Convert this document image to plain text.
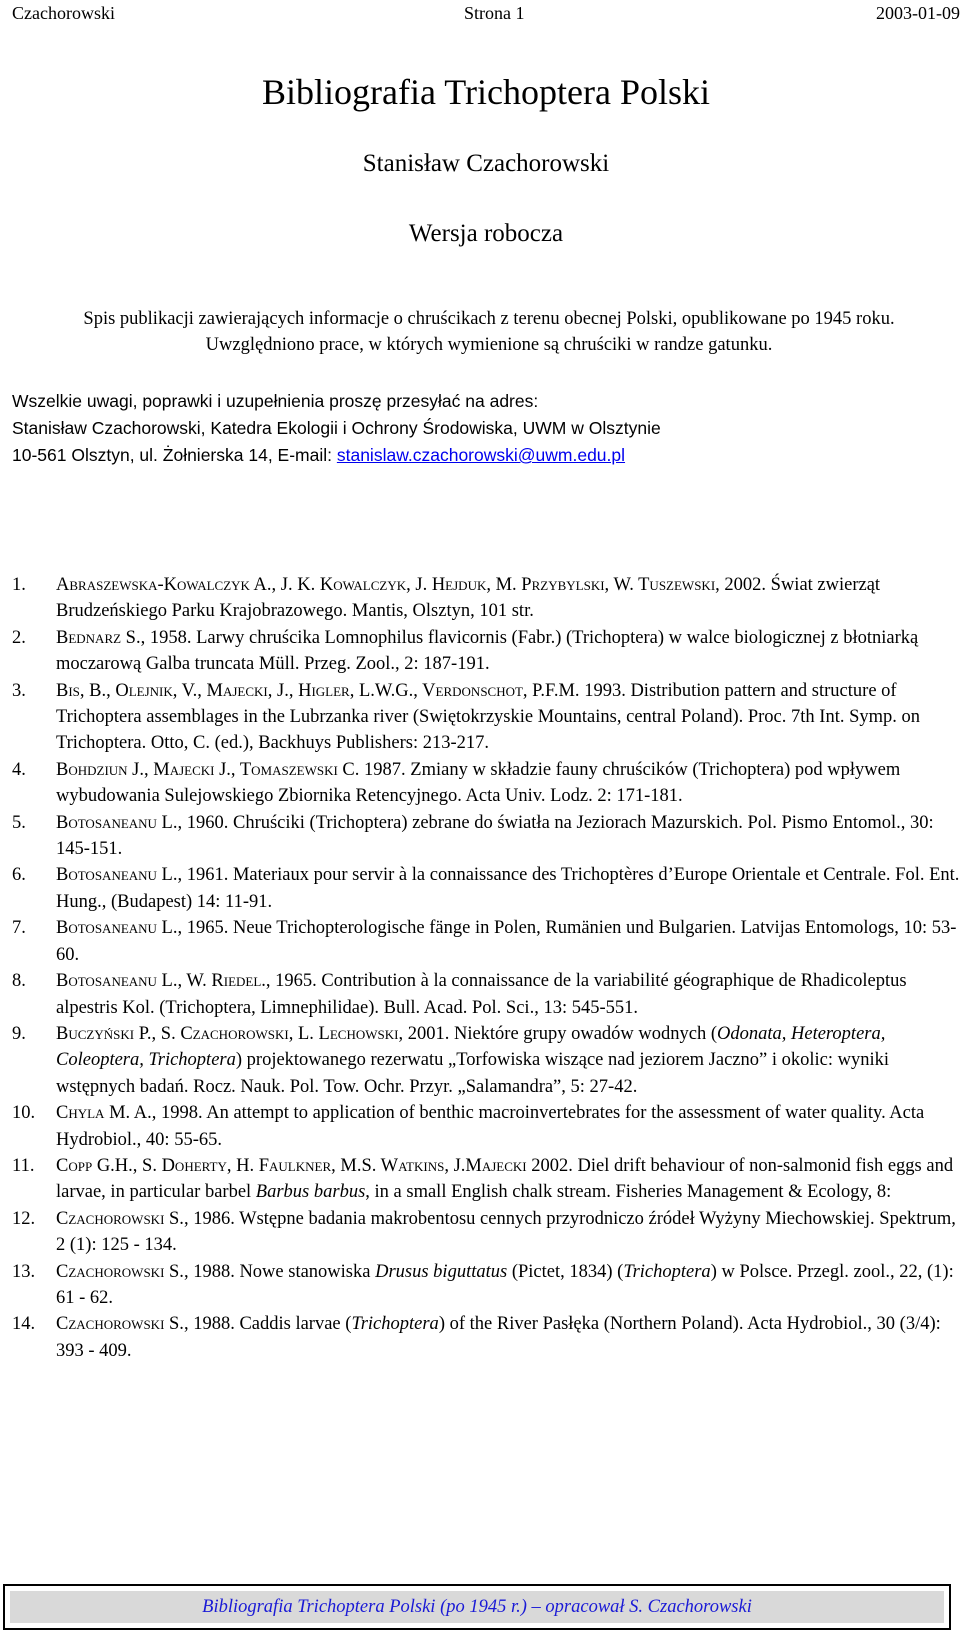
Czachorowski	Strona 1	2003-01-09
Bibliografia Trichoptera Polski
Stanisław Czachorowski
Wersja robocza
Spis publikacji zawierających informacje o chruścikach z terenu obecnej Polski, opublikowane po 1945 roku. Uwzględniono prace, w których wymienione są chruściki w randze gatunku.
Wszelkie uwagi, poprawki i uzupełnienia proszę przesyłać na adres:
Stanisław Czachorowski, Katedra Ekologii i Ochrony Środowiska, UWM w Olsztynie
10-561 Olsztyn, ul. Żołnierska 14, E-mail: stanislaw.czachorowski@uwm.edu.pl
1. Abraszewska-Kowalczyk A., J. K. Kowalczyk, J. Hejduk, M. Przybylski, W. Tuszewski, 2002. Świat zwierząt Brudzeńskiego Parku Krajobrazowego. Mantis, Olsztyn, 101 str.
2. Bednarz S., 1958. Larwy chruścika Lomnophilus flavicornis (Fabr.) (Trichoptera) w walce biologicznej z błotniarką moczarową Galba truncata Müll. Przeg. Zool., 2: 187-191.
3. Bis, B., Olejnik, V., Majecki, J., Higler, L.W.G., Verdonschot, P.F.M. 1993. Distribution pattern and structure of Trichoptera assemblages in the Lubrzanka river (Swiętokrzyskie Mountains, central Poland). Proc. 7th Int. Symp. on Trichoptera. Otto, C. (ed.), Backhuys Publishers: 213-217.
4. Bohdziun J., Majecki J., Tomaszewski C. 1987. Zmiany w składzie fauny chruścików (Trichoptera) pod wpływem wybudowania Sulejowskiego Zbiornika Retencyjnego. Acta Univ. Lodz. 2: 171-181.
5. Botosaneanu L., 1960. Chruściki (Trichoptera) zebrane do światła na Jeziorach Mazurskich. Pol. Pismo Entomol., 30: 145-151.
6. Botosaneanu L., 1961. Materiaux pour servir à la connaissance des Trichoptères d’Europe Orientale et Centrale. Fol. Ent. Hung., (Budapest) 14: 11-91.
7. Botosaneanu L., 1965. Neue Trichopterologische fänge in Polen, Rumänien und Bulgarien. Latvijas Entomologs, 10: 53-60.
8. Botosaneanu L., W. Riedel., 1965. Contribution à la connaissance de la variabilité géographique de Rhadicoleptus alpestris Kol. (Trichoptera, Limnephilidae). Bull. Acad. Pol. Sci., 13: 545-551.
9. Buczyński P., S. Czachorowski, L. Lechowski, 2001. Niektóre grupy owadów wodnych (Odonata, Heteroptera, Coleoptera, Trichoptera) projektowanego rezerwatu „Torfowiska wiszące nad jeziorem Jaczno” i okolic: wyniki wstępnych badań. Rocz. Nauk. Pol. Tow. Ochr. Przyr. „Salamandra”, 5: 27-42.
10. Chyla M. A., 1998. An attempt to application of benthic macroinvertebrates for the assessment of water quality. Acta Hydrobiol., 40: 55-65.
11. Copp G.H., S. Doherty, H. Faulkner, M.S. Watkins, J.Majecki 2002. Diel drift behaviour of non-salmonid fish eggs and larvae, in particular barbel Barbus barbus, in a small English chalk stream. Fisheries Management & Ecology, 8:
12. Czachorowski S., 1986. Wstępne badania makrobentosu cennych przyrodniczo źródeł Wyżyny Miechowskiej. Spektrum, 2 (1): 125 - 134.
13. Czachorowski S., 1988. Nowe stanowiska Drusus biguttatus (Pictet, 1834) (Trichoptera) w Polsce. Przegl. zool., 22, (1): 61 - 62.
14. Czachorowski S., 1988. Caddis larvae (Trichoptera) of the River Pasłęka (Northern Poland). Acta Hydrobiol., 30 (3/4): 393 - 409.
Bibliografia Trichoptera Polski (po 1945 r.) – opracował S. Czachorowski
